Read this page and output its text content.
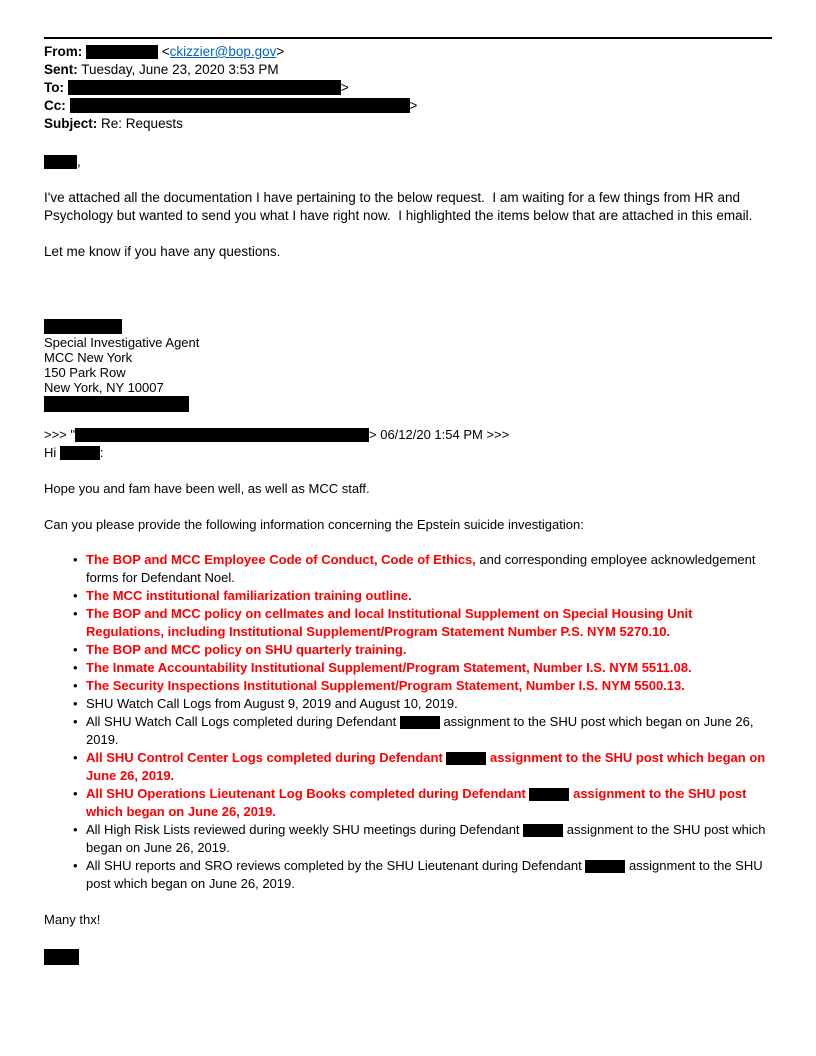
From:	<ckizzier@bop.gov>

Sent: Tuesday, June 23, 2020 3:53 PM

To:	>

Cc:	>

Subject: Re: Requests

,

I've attached all the documentation I have pertaining to the below request.  I am waiting for a few things from HR and Psychology but wanted to send you what I have right now.  I highlighted the items below that are attached in this email.

Let me know if you have any questions.

Special Investigative Agent

MCC New York

150 Park Row

New York, NY 10007

>>> "	> 06/12/20 1:54 PM >>>

Hi	:

Hope you and fam have been well, as well as MCC staff.

Can you please provide the following information concerning the Epstein suicide investigation:

• The BOP and MCC Employee Code of Conduct, Code of Ethics, and corresponding employee acknowledgement forms for Defendant Noel.
• The MCC institutional familiarization training outline.
• The BOP and MCC policy on cellmates and local Institutional Supplement on Special Housing Unit Regulations, including Institutional Supplement/Program Statement Number P.S. NYM 5270.10.
• The BOP and MCC policy on SHU quarterly training.
• The Inmate Accountability Institutional Supplement/Program Statement, Number I.S. NYM 5511.08.
• The Security Inspections Institutional Supplement/Program Statement, Number I.S. NYM 5500.13.
• SHU Watch Call Logs from August 9, 2019 and August 10, 2019.
• All SHU Watch Call Logs completed during Defendant	assignment to the SHU post which began on June 26, 2019.
• All SHU Control Center Logs completed during Defendant	assignment to the SHU post which began on June 26, 2019.
• All SHU Operations Lieutenant Log Books completed during Defendant	assignment to the SHU post which began on June 26, 2019.
• All High Risk Lists reviewed during weekly SHU meetings during Defendant	assignment to the SHU post which began on June 26, 2019.
• All SHU reports and SRO reviews completed by the SHU Lieutenant during Defendant	assignment to the SHU post which began on June 26, 2019.

Many thx!
